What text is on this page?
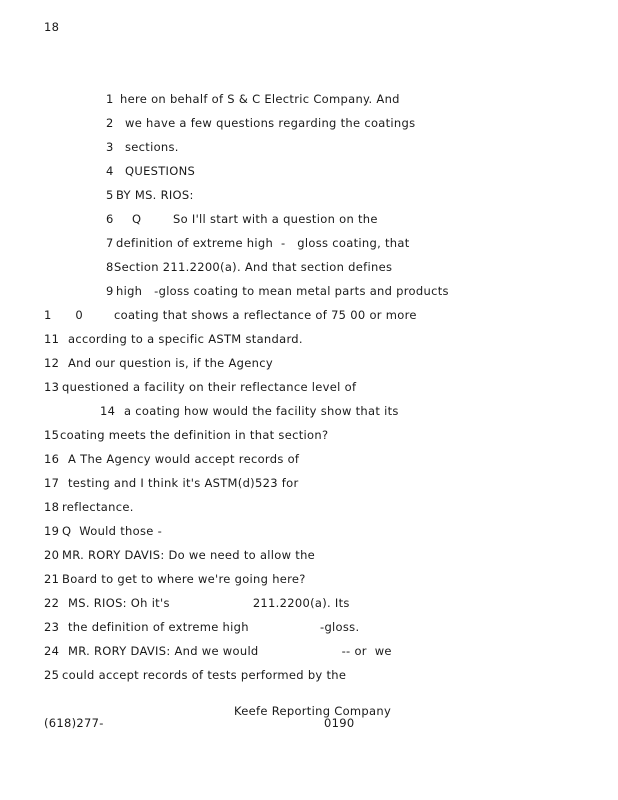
18
1 here on behalf of S & C Electric Company. And
2 we have a few questions regarding the coatings
3 sections.
4 QUESTIONS
5 BY MS. RIOS:
6 Q        So I'll start with a question on the
7 definition of extreme high  -   gloss coating, that
8 Section 211.2200(a). And that section defines
9 high   -gloss coating to mean metal parts and products
1      0	coating that shows a reflectance of 75 00 or more
11 according to a specific ASTM standard.
12 And our question is, if the Agency
13 questioned a facility on their reflectance level of
14 a coating how would the facility show that its
15 coating meets the definition in that section?
16 A The Agency would accept records of
17 testing and I think it's ASTM(d)523 for
18 reflectance.
19 Q  Would those -
20 MR. RORY DAVIS: Do we need to allow the
21 Board to get to where we're going here?
22 MS. RIOS: Oh it's                     211.2200(a). Its
23 the definition of extreme high                  -gloss.
24 MR. RORY DAVIS: And we would                     -- or  we
25 could accept records of tests performed by the
Keefe Reporting Company
(618)277-	0190
